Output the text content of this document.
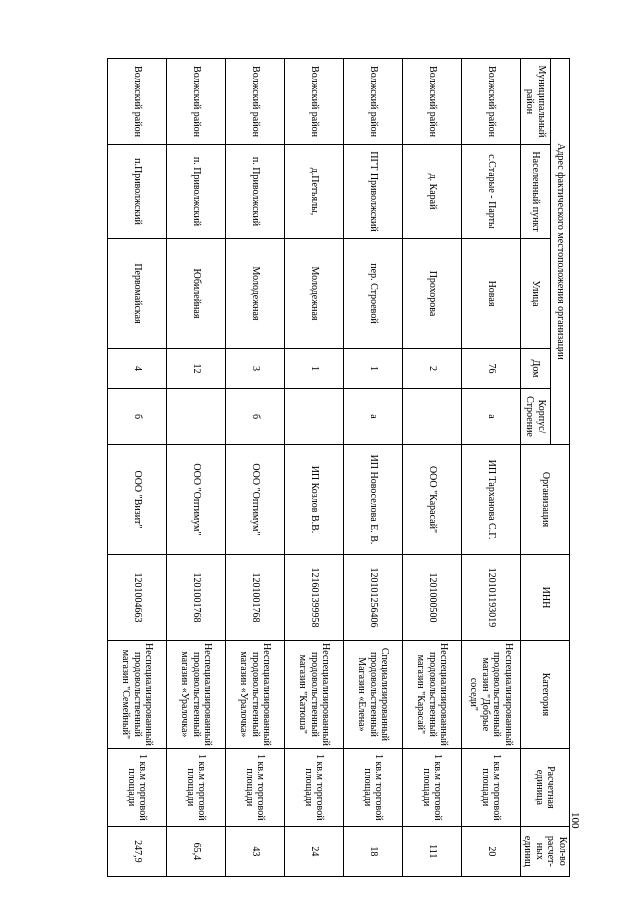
100
Адрес фактического местоположения организации					Организация	ИНН	Категория	Расчетная единица	Кол-во расчет-ных единиц
Муниципальный район	Населенный пункт	Улица	Дом	Корпус/ Строение					
Волжский район	с.Старые - Парты	Новая	76	а	ИП Тарханова С.Г.	120101193019	Неспециализированный продовольственный магазин "Добрые соседи"	1 кв.м торговой площади	20
Волжский район	д. Карай	Прохорова	2		ООО "Карасай"	1201000500	Неспециализированный продовольственный магазин "Карасай"	1 кв.м торговой площади	111
Волжский район	ПГТ Приволжский	пер. Строевой	1	а	ИП Новоселова Е. В.	120101256406	Специализированный продовольственный Магазин «Елена»	1 кв.м торговой площади	18
Волжский район	д.Петъялы,	Молодежная	1		ИП Козлов В.В.	121601399958	Неспециализированный продовольственный магазин "Катюша"	1 кв.м торговой площади	24
Волжский район	п. Приволжский	Молодежная	3	б	ООО "Оптимум"	1201001768	Неспециализированный продовольственный магазин «Уралочка»	1 кв.м торговой площади	43
Волжский район	п. Приволжский	Юбилейная	12		ООО "Оптимум"	1201001768	Неспециализированный продовольственный магазин «Уралочка»	1 кв.м торговой площади	65,4
Волжский район	п.Приволжский	Первомайская	4	б	ООО "Визит"	1201004663	Неспециализированный продовольственный магазин "Семейный"	1 кв.м торговой площади	247,9
